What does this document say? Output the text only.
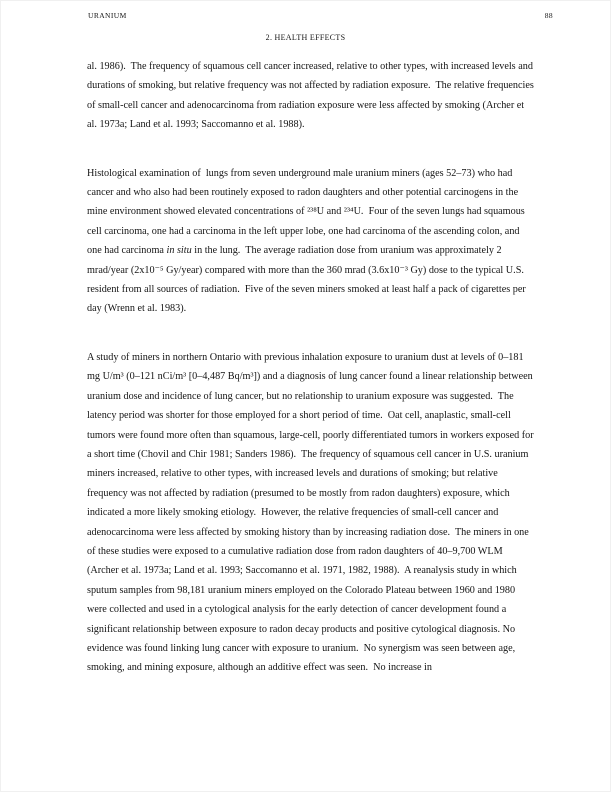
URANIUM	88
2. HEALTH EFFECTS

al. 1986).  The frequency of squamous cell cancer increased, relative to other types, with increased levels and durations of smoking, but relative frequency was not affected by radiation exposure.  The relative frequencies of small-cell cancer and adenocarcinoma from radiation exposure were less affected by smoking (Archer et al. 1973a; Land et al. 1993; Saccomanno et al. 1988).

Histological examination of  lungs from seven underground male uranium miners (ages 52–73) who had cancer and who also had been routinely exposed to radon daughters and other potential carcinogens in the mine environment showed elevated concentrations of ²³⁸U and ²³⁴U.  Four of the seven lungs had squamous cell carcinoma, one had a carcinoma in the left upper lobe, one had carcinoma of the ascending colon, and one had carcinoma in situ in the lung.  The average radiation dose from uranium was approximately 2 mrad/year (2x10⁻⁵ Gy/year) compared with more than the 360 mrad (3.6x10⁻³ Gy) dose to the typical U.S. resident from all sources of radiation.  Five of the seven miners smoked at least half a pack of cigarettes per day (Wrenn et al. 1983).

A study of miners in northern Ontario with previous inhalation exposure to uranium dust at levels of 0–181 mg U/m³ (0–121 nCi/m³ [0–4,487 Bq/m³]) and a diagnosis of lung cancer found a linear relationship between uranium dose and incidence of lung cancer, but no relationship to uranium exposure was suggested.  The latency period was shorter for those employed for a short period of time.  Oat cell, anaplastic, small-cell tumors were found more often than squamous, large-cell, poorly differentiated tumors in workers exposed for a short time (Chovil and Chir 1981; Sanders 1986).  The frequency of squamous cell cancer in U.S. uranium miners increased, relative to other types, with increased levels and durations of smoking; but relative frequency was not affected by radiation (presumed to be mostly from radon daughters) exposure, which indicated a more likely smoking etiology.  However, the relative frequencies of small-cell cancer and adenocarcinoma were less affected by smoking history than by increasing radiation dose.  The miners in one of these studies were exposed to a cumulative radiation dose from radon daughters of 40–9,700 WLM (Archer et al. 1973a; Land et al. 1993; Saccomanno et al. 1971, 1982, 1988).  A reanalysis study in which sputum samples from 98,181 uranium miners employed on the Colorado Plateau between 1960 and 1980 were collected and used in a cytological analysis for the early detection of cancer development found a significant relationship between exposure to radon decay products and positive cytological diagnosis. No evidence was found linking lung cancer with exposure to uranium.  No synergism was seen between age, smoking, and mining exposure, although an additive effect was seen.  No increase in
